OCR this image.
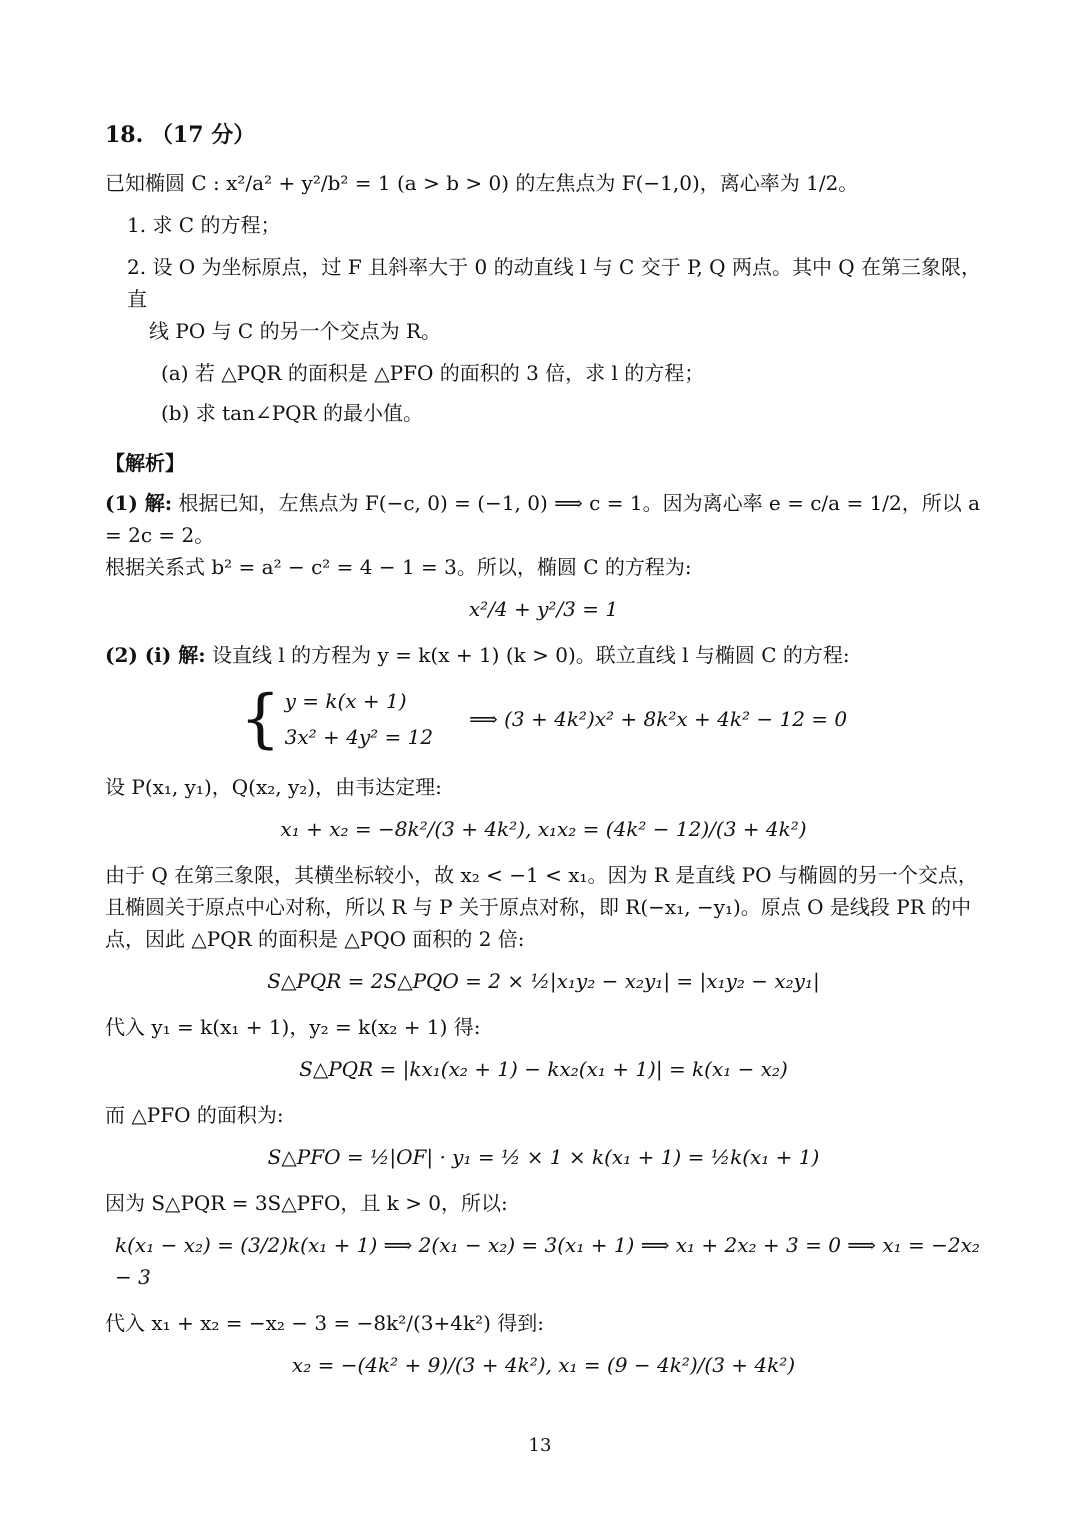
18. （17 分）
已知椭圆 C : x²/a² + y²/b² = 1 (a > b > 0) 的左焦点为 F(−1,0)，离心率为 1/2。
1. 求 C 的方程；
2. 设 O 为坐标原点，过 F 且斜率大于 0 的动直线 l 与 C 交于 P, Q 两点。其中 Q 在第三象限，直
线 PO 与 C 的另一个交点为 R。
(a) 若 △PQR 的面积是 △PFO 的面积的 3 倍，求 l 的方程；
(b) 求 tan∠PQR 的最小值。
【解析】
(1) 解: 根据已知，左焦点为 F(−c, 0) = (−1, 0) ⟹ c = 1。因为离心率 e = c/a = 1/2，所以 a = 2c = 2。
根据关系式 b² = a² − c² = 4 − 1 = 3。所以，椭圆 C 的方程为:
x²/4 + y²/3 = 1
(2) (i) 解: 设直线 l 的方程为 y = k(x + 1) (k > 0)。联立直线 l 与椭圆 C 的方程:
{ y = k(x + 1)
3x² + 4y² = 12
⟹ (3 + 4k²)x² + 8k²x + 4k² − 12 = 0
设 P(x₁, y₁)，Q(x₂, y₂)，由韦达定理:
x₁ + x₂ = −8k²/(3 + 4k²), x₁x₂ = (4k² − 12)/(3 + 4k²)
由于 Q 在第三象限，其横坐标较小，故 x₂ < −1 < x₁。因为 R 是直线 PO 与椭圆的另一个交点，且椭圆关于原点中心对称，所以 R 与 P 关于原点对称，即 R(−x₁, −y₁)。原点 O 是线段 PR 的中点，因此 △PQR 的面积是 △PQO 面积的 2 倍:
S△PQR = 2S△PQO = 2 × ½|x₁y₂ − x₂y₁| = |x₁y₂ − x₂y₁|
代入 y₁ = k(x₁ + 1)，y₂ = k(x₂ + 1) 得:
S△PQR = |kx₁(x₂ + 1) − kx₂(x₁ + 1)| = k(x₁ − x₂)
而 △PFO 的面积为:
S△PFO = ½|OF| · y₁ = ½ × 1 × k(x₁ + 1) = ½k(x₁ + 1)
因为 S△PQR = 3S△PFO，且 k > 0，所以:
k(x₁ − x₂) = (3/2)k(x₁ + 1) ⟹ 2(x₁ − x₂) = 3(x₁ + 1) ⟹ x₁ + 2x₂ + 3 = 0 ⟹ x₁ = −2x₂ − 3
代入 x₁ + x₂ = −x₂ − 3 = −8k²/(3+4k²) 得到:
x₂ = −(4k² + 9)/(3 + 4k²), x₁ = (9 − 4k²)/(3 + 4k²)
13
